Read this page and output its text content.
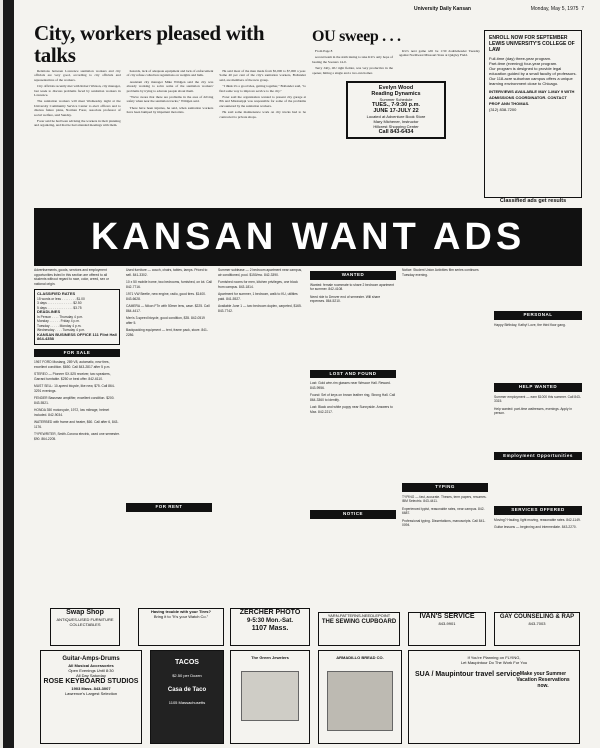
University Daily Kansan	Monday, May 5, 1975 7
City, workers pleased with talks

Relations between Lawrence sanitation workers and city officials are very good, according to city officials and representatives of the workers.

City officials recently met with Robert Watson, city manager, last week to discuss problems faced by sanitation workers in Lawrence.

The sanitation workers will meet Wednesday night at the University Community Service Center to elect officers and to discuss future plans, Norman Forer, associate professor of social welfare, said Sunday.

Forer said he had been advising the workers in their planning and organizing, and that he had attended meetings with them.

hazards, lack of adequate equipment and lack of enforcement of city refuse collection regulations on weights and bulk.

Assistant city manager Mike Wildgen said the city was already working to solve some of the sanitation workers' problems by trying to educate people about them.

"We're aware that there are problems in the area of driving safety when near the sanitation trucks," Wildgen said.

There have been injuries, he said, when sanitation workers have been bumped by impatient motorists.

He said most of the men made from $5,000 to $7,000 a year. Some 40 per cent of the city's sanitation workers, Bollander said, are members of the new group.

"I think it's a good idea, getting together," Bollander said, "to find some way to improve service to the city."

Forer said the organization wanted to present city garage at 8th and Mississippi was responsible for some of the problems encountered by the sanitation workers.

He said some maintenance work on city trucks had to be contracted to private shops.

OU sweep . . .

From Page 8

second team in the sixth inning to take KU's only hope of beating the Sooners 14-0.

Terry Jolly, OU right fielder, was very productive in the opener, hitting a single and a two-run homer.

KU's next game will be 1:30 doubleheader Tuesday against Northwest Missouri State at Quigley Field.

Evelyn Wood
Reading Dynamics
Summer Schedule
TUES., 7-9:30 p.m.
JUNE 17-JULY 22
Located at Adventure Book Store
Mary Michener, Instructor
Hillcrest Shopping Center
Call 843-6434
ENROLL NOW FOR SEPTEMBER LEWIS UNIVERSITY'S COLLEGE OF LAW
Full-time (day) three-year program.
Part-time (evening) four-year program.
Our program is designed to provide legal education guided by a small faculty of professors.
Our 118-acre suburban campus offers a unique learning environment close to Chicago.
INTERVIEWS AVAILABLE MAY 1-MAY 9 WITH ADMISSIONS COORDINATOR. CONTACT PROF ANN THOMAS.
(312) 838-7200
Classified ads get results
KANSAN WANT ADS

Advertisements, goods, services and employment opportunities listed in this section are offered to all students without regard to race, color, creed, sex or national origin.

CLASSIFIED RATES
15 words or less . . . . . . . . $1.00
3 days . . . . . . . . . . . . . . $2.50
5 days . . . . . . . . . . . . . . $3.75
DEADLINES
In Person . . . . Thursday 4 p.m.
Monday . . . . . . Friday 4 p.m.
Tuesday . . . . . Monday 4 p.m.
Wednesday . . . . Tuesday 4 p.m.
KANSAN BUSINESS OFFICE 111 Flint Hall 864-4358
FOR SALE

1967 FORD Mustang, 289 V8, automatic, new tires, excellent condition. $650. Call 843-2817 after 5 p.m.

STEREO — Pioneer SX-525 receiver, two speakers, Garrard turntable. $250 or best offer. 842-6110.

MUST SELL: 10-speed bicycle, like new, $75. Call 864-3291 evenings.

FENDER Bassman amplifier, excellent condition. $200. 843-5521.

HONDA 350 motorcycle, 1972, low mileage, helmet included. 842-9034.

WATERBED with frame and heater, $60. Call after 6, 843-1176.

TYPEWRITER, Smith-Corona electric, used one semester. $90. 864-2205.

Used furniture — couch, chairs, tables, lamps. Priced to sell. 841-3302.

10 x 50 mobile home, two bedrooms, furnished, on lot. Call 842-7716.

1971 VW Beetle, new engine, radio, good tires. $1400. 843-6628.

CAMERA — Nikon FTn with 50mm lens, case. $225. Call 864-4417.

Men's 3-speed bicycle, good condition, $35. 842-0519 after 5.

Backpacking equipment — tent, frame pack, stove. 841-2286.

FOR RENT

Summer sublease — 2 bedroom apartment near campus, air conditioned, pool. $150/mo. 842-3390.

Furnished rooms for men, kitchen privileges, one block from campus. 843-1814.

Apartment for summer, 1 bedroom, walk to KU, utilities paid. 841-5527.

Available June 1 — two bedroom duplex, carpeted, $165. 843-7742.

WANTED

Wanted: female roommate to share 2 bedroom apartment for summer. 842-4108.

Need ride to Denver end of semester. Will share expenses. 864-5210.

LOST AND FOUND

Lost: Gold wire-rim glasses near Wescoe Hall. Reward. 843-9956.

Found: Set of keys on brown leather ring, Strong Hall. Call 864-3360 to identify.

Lost: Black and white puppy near Sunnyside. Answers to Max. 842-2217.

NOTICE

Notice: Student Union Activities film series continues Tuesday evening.

TYPING

TYPING — fast, accurate. Theses, term papers, resumes. IBM Selectric. 843-4411.

Experienced typist, reasonable rates, near campus. 842-6687.

Professional typing. Dissertations, manuscripts. Call 841-0094.

PERSONAL

Happy Birthday, Kathy! Love, the third floor gang.

HELP WANTED

Summer employment — earn $1000 this summer. Call 843-3315.

Help wanted: part-time waitresses, evenings. Apply in person.

Employment Opportunities
SERVICES OFFERED

Moving? Hauling, light moving, reasonable rates. 842-1149.

Guitar lessons — beginning and intermediate. 843-2270.

Swap Shop
ANTIQUES-USED FURNITURE COLLECTABLES
Having trouble with your Tires?
Bring it to "It's your Watch Co."
ZERCHER PHOTO
9-5:30 Mon.-Sat.
1107 Mass.
YARN-PATTERNS-NEEDLEPOINT
THE SEWING CUPBOARD
IVAN'S SERVICE
843-9901
GAY COUNSELING & RAP
843-7003
Guitar-Amps-Drums
All Musical Accessories
Open Evenings Until 8:30
All Day Saturday
ROSE KEYBOARD STUDIOS
1903 Mass. 843-3007
Lawrence's Largest Selection
TACOS
$2.50 per Dozen
Casa de Taco
1105 Massachusetts
The Green Jewelers	ARMADILLO BREAD CO.	If You're Planning on FLYING,
Let Maupintour Do The Work For You
SUA / Maupintour travel service Make your Summer Vacation Reservations now.
